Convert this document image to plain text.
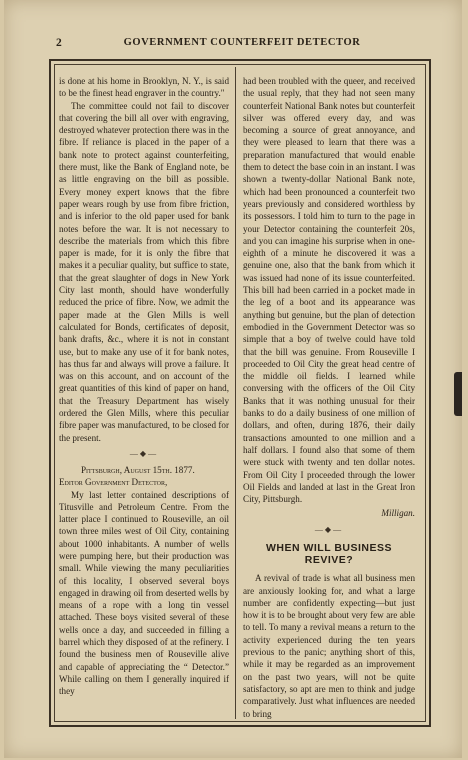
2	GOVERNMENT COUNTERFEIT DETECTOR

is done at his home in Brooklyn, N. Y., is said to be the finest head engraver in the country."

The committee could not fail to discover that covering the bill all over with engraving, destroyed whatever protection there was in the fibre. If reliance is placed in the paper of a bank note to protect against counterfeiting, there must, like the Bank of England note, be as little engraving on the bill as possible. Every money expert knows that the fibre paper wears rough by use from fibre friction, and is inferior to the old paper used for bank notes before the war. It is not necessary to describe the materials from which this fibre paper is made, for it is only the fibre that makes it a peculiar quality, but suffice to state, that the great slaughter of dogs in New York City last month, should have wonderfully reduced the price of fibre. Now, we admit the paper made at the Glen Mills is well calculated for Bonds, certificates of deposit, bank drafts, &c., where it is not in constant use, but to make any use of it for bank notes, has thus far and always will prove a failure. It was on this account, and on account of the great quantities of this kind of paper on hand, that the Treasury Department has wisely ordered the Glen Mills, where this peculiar fibre paper was manufactured, to be closed for the present.

—◆—

Pittsburgh, August 15th. 1877.

Editor Government Detector,

My last letter contained descriptions of Titusville and Petroleum Centre. From the latter place I continued to Rouseville, an oil town three miles west of Oil City, containing about 1000 inhabitants. A number of wells were pumping here, but their production was small. While viewing the many peculiarities of this locality, I observed several boys engaged in drawing oil from deserted wells by means of a rope with a long tin vessel attached. These boys visited several of these wells once a day, and succeeded in filling a barrel which they disposed of at the refinery. I found the business men of Rouseville alive and capable of appreciating the “ Detector.” While calling on them I generally inquired if they

had been troubled with the queer, and received the usual reply, that they had not seen many counterfeit National Bank notes but counterfeit silver was offered every day, and was becoming a source of great annoyance, and they were pleased to learn that there was a preparation manufactured that would enable them to detect the base coin in an instant. I was shown a twenty-dollar National Bank note, which had been pronounced a counterfeit two years previously and considered worthless by its possessors. I told him to turn to the page in your Detector containing the counterfeit 20s, and you can imagine his surprise when in one-eighth of a minute he discovered it was a genuine one, also that the bank from which it was issued had none of its issue counterfeited. This bill had been carried in a pocket made in the leg of a boot and its appearance was anything but genuine, but the plan of detection embodied in the Government Detector was so simple that a boy of twelve could have told that the bill was genuine. From Rouseville I proceeded to Oil City the great head centre of the middle oil fields. I learned while conversing with the officers of the Oil City Banks that it was nothing unusual for their banks to do a daily business of one million of dollars, and often, during 1876, their daily transactions amounted to one million and a half dollars. I found also that some of them were stuck with twenty and ten dollar notes. From Oil City I proceeded through the lower Oil Fields and landed at last in the Great Iron City, Pittsburgh.

Milligan.

—◆—

WHEN WILL BUSINESS REVIVE?

A revival of trade is what all business men are anxiously looking for, and what a large number are confidently expecting—but just how it is to be brought about very few are able to tell. To many a revival means a return to the activity experienced during the ten years previous to the panic; anything short of this, while it may be regarded as an improvement on the past two years, will not be quite satisfactory, so apt are men to think and judge comparatively. Just what influences are needed to bring
